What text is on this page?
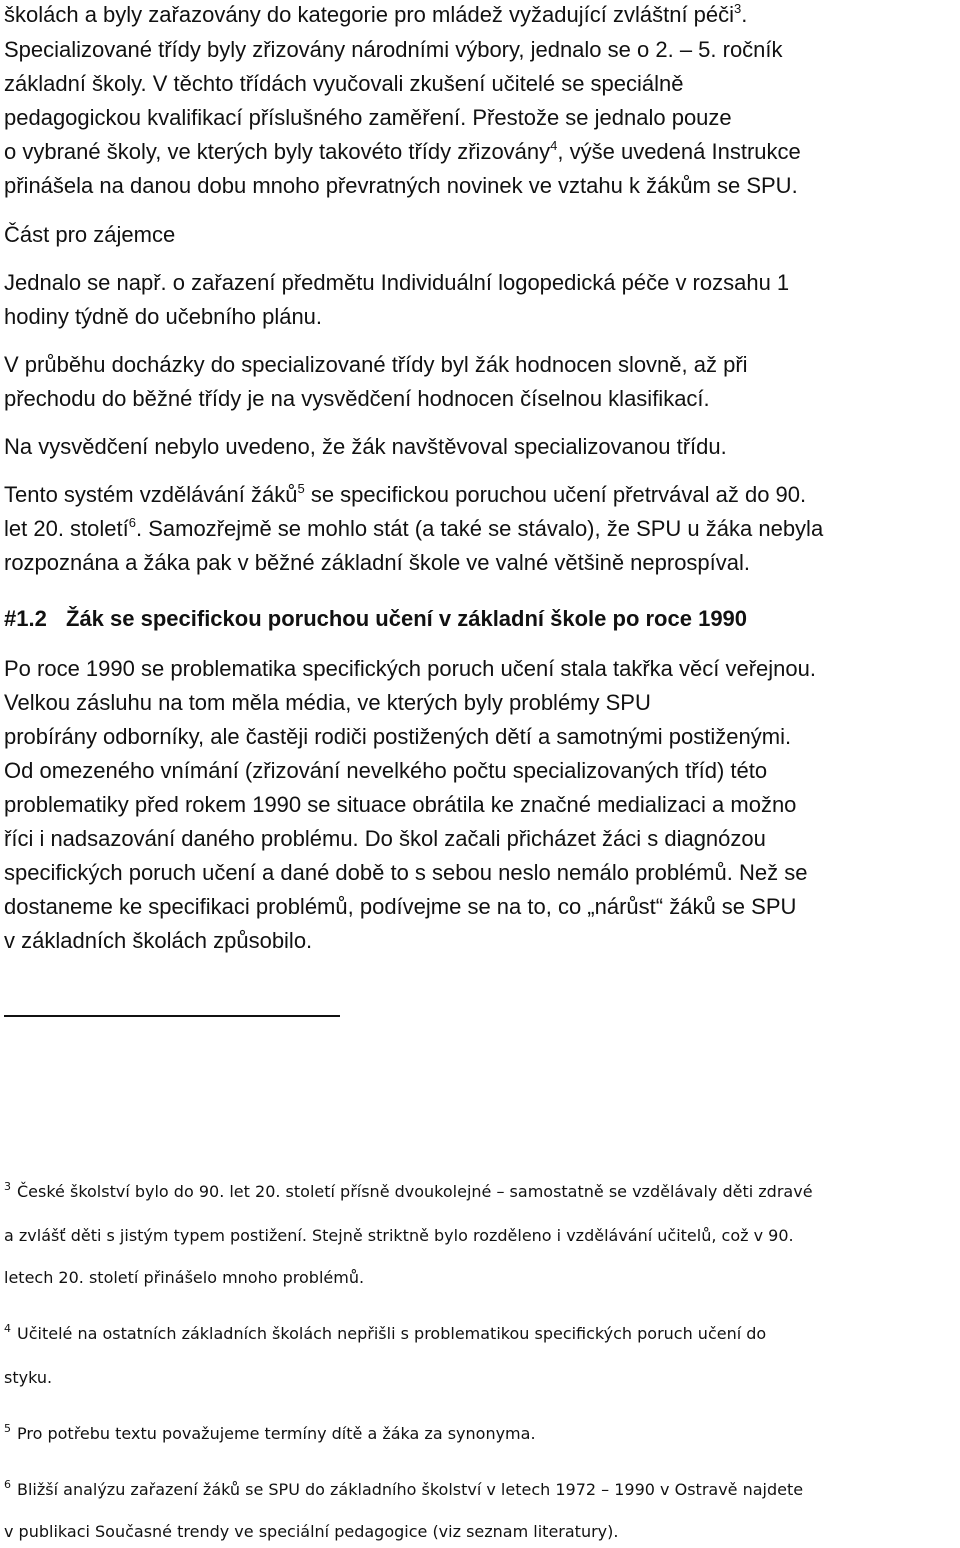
školách a byly zařazovány do kategorie pro mládež vyžadující zvláštní péči$^3$.
Specializované třídy byly zřizovány národními výbory, jednalo se o 2. – 5. ročník
základní školy. V těchto třídách vyučovali zkušení učitelé se speciálně
pedagogickou kvalifikací příslušného zaměření. Přestože se jednalo pouze
o vybrané školy, ve kterých byly takovéto třídy zřizovány$^4$, výše uvedená Instrukce
přinášela na danou dobu mnoho převratných novinek ve vztahu k žákům se SPU.
Část pro zájemce
Jednalo se např. o zařazení předmětu Individuální logopedická péče v rozsahu 1
hodiny týdně do učebního plánu.
V průběhu docházky do specializované třídy byl žák hodnocen slovně, až při
přechodu do běžné třídy je na vysvědčení hodnocen číselnou klasifikací.
Na vysvědčení nebylo uvedeno, že žák navštěvoval specializovanou třídu.
Tento systém vzdělávání žáků$^5$ se specifickou poruchou učení přetrvával až do 90.
let 20. století$^6$. Samozřejmě se mohlo stát (a také se stávalo), že SPU u žáka nebyla
rozpoznána a žáka pak v běžné základní škole ve valné většině neprospíval.
#1.2 Žák se specifickou poruchou učení v základní škole po roce 1990
Po roce 1990 se problematika specifických poruch učení stala takřka věcí veřejnou.
Velkou zásluhu na tom měla média, ve kterých byly problémy SPU
probírány odborníky, ale častěji rodiči postižených dětí a samotnými postiženými.
Od omezeného vnímání (zřizování nevelkého počtu specializovaných tříd) této
problematiky před rokem 1990 se situace obrátila ke značné medializaci a možno
říci i nadsazování daného problému. Do škol začali přicházet žáci s diagnózou
specifických poruch učení a dané době to s sebou neslo nemálo problémů. Než se
dostaneme ke specifikaci problémů, podívejme se na to, co „nárůst“ žáků se SPU
v základních školách způsobilo.
$^3$ České školství bylo do 90. let 20. století přísně dvoukolejné – samostatně se vzdělávaly děti zdravé
a zvlášť děti s jistým typem postižení. Stejně striktně bylo rozděleno i vzdělávání učitelů, což v 90.
letech 20. století přinášelo mnoho problémů.
$^4$ Učitelé na ostatních základních školách nepřišli s problematikou specifických poruch učení do
styku.
$^5$ Pro potřebu textu považujeme termíny dítě a žáka za synonyma.
$^6$ Bližší analýzu zařazení žáků se SPU do základního školství v letech 1972 – 1990 v Ostravě najdete
v publikaci Současné trendy ve speciální pedagogice (viz seznam literatury).
